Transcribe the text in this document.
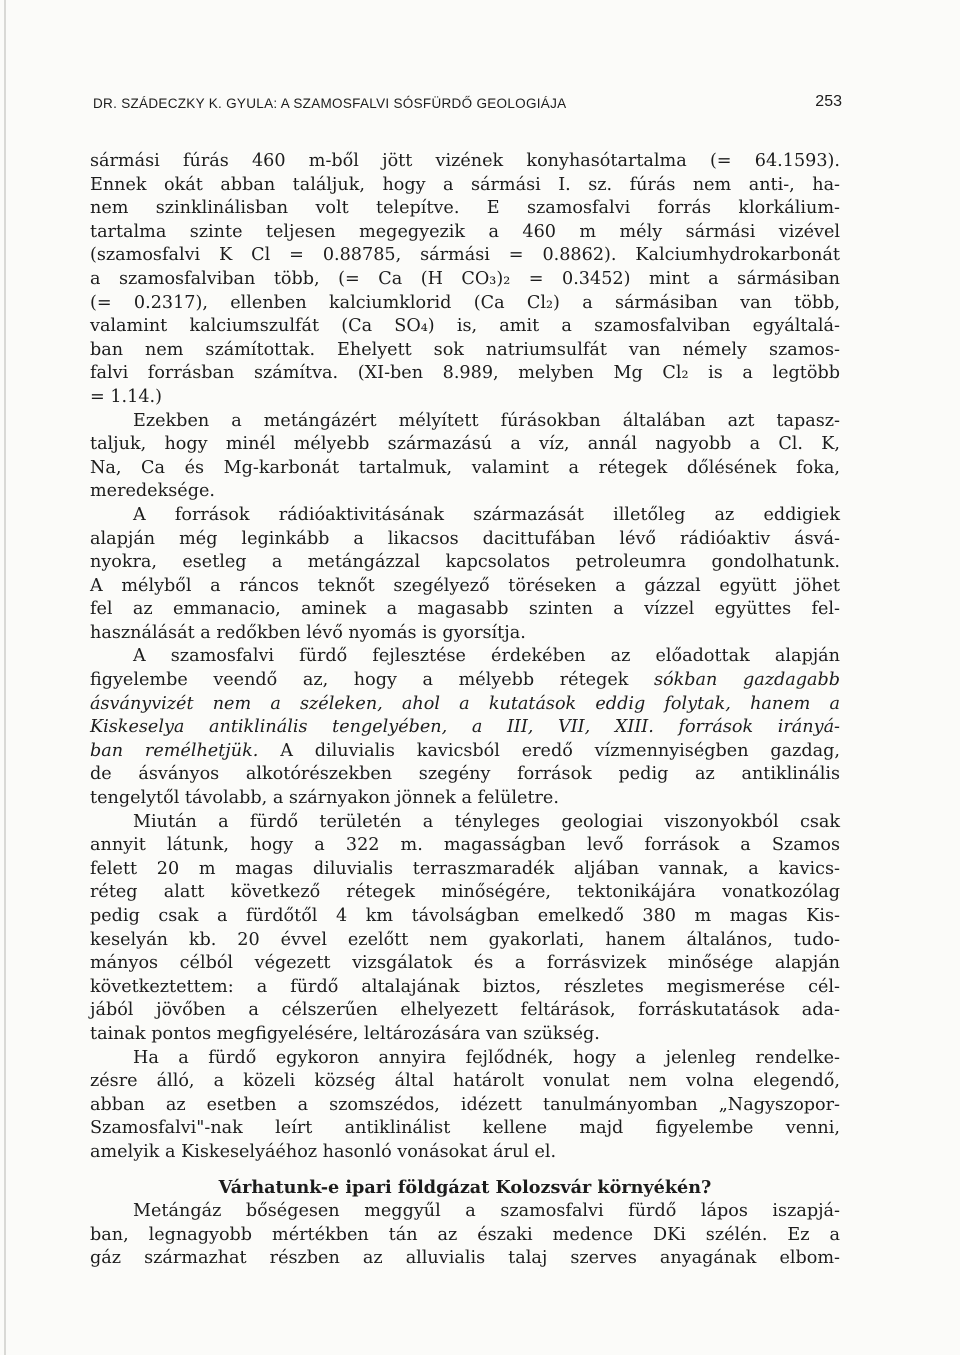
DR. SZÁDECZKY K. GYULA: A SZAMOSFALVI SÓSFÜRDŐ GEOLOGIÁJA	253

sármási fúrás 460 m-ből jött vizének konyhasótartalma (= 64.1593).
Ennek okát abban találjuk, hogy a sármási I. sz. fúrás nem anti-, ha-
nem szinklinálisban volt telepítve. E szamosfalvi forrás klorkálium-
tartalma szinte teljesen megegyezik a 460 m mély sármási vizével
(szamosfalvi K Cl = 0.88785, sármási = 0.8862). Kalciumhydrokarbonát
a szamosfalviban több, (= Ca (H CO₃)₂ = 0.3452) mint a sármásiban
(= 0.2317), ellenben kalciumklorid (Ca Cl₂) a sármásiban van több,
valamint kalciumszulfát (Ca SO₄) is, amit a szamosfalviban egyáltalá-
ban nem számítottak. Ehelyett sok natriumsulfát van némely szamos-
falvi forrásban számítva. (XI-ben 8.989, melyben Mg Cl₂ is a legtöbb
= 1.14.)

Ezekben a metángázért mélyített fúrásokban általában azt tapasz-
taljuk, hogy minél mélyebb származású a víz, annál nagyobb a Cl. K,
Na, Ca és Mg-karbonát tartalmuk, valamint a rétegek dőlésének foka,
meredeksége.

A források rádióaktivitásának származását illetőleg az eddigiek
alapján még leginkább a likacsos dacittufában lévő rádióaktiv ásvá-
nyokra, esetleg a metángázzal kapcsolatos petroleumra gondolhatunk.
A mélyből a ráncos teknőt szegélyező töréseken a gázzal együtt jöhet
fel az emmanacio, aminek a magasabb szinten a vízzel együttes fel-
használását a redőkben lévő nyomás is gyorsítja.

A szamosfalvi fürdő fejlesztése érdekében az előadottak alapján
figyelembe veendő az, hogy a mélyebb rétegek sókban gazdagabb
ásványvizét nem a széleken, ahol a kutatások eddig folytak, hanem a
Kiskeselya antiklinális tengelyében, a III, VII, XIII. források irányá-
ban remélhetjük. A diluvialis kavicsból eredő vízmennyiségben gazdag,
de ásványos alkotórészekben szegény források pedig az antiklinális
tengelytől távolabb, a szárnyakon jönnek a felületre.

Miután a fürdő területén a tényleges geologiai viszonyokból csak
annyit látunk, hogy a 322 m. magasságban levő források a Szamos
felett 20 m magas diluvialis terraszmaradék aljában vannak, a kavics-
réteg alatt következő rétegek minőségére, tektonikájára vonatkozólag
pedig csak a fürdőtől 4 km távolságban emelkedő 380 m magas Kis-
keselyán kb. 20 évvel ezelőtt nem gyakorlati, hanem általános, tudo-
mányos célból végezett vizsgálatok és a forrásvizek minősége alapján
következtettem: a fürdő altalajának biztos, részletes megismerése cél-
jából jövőben a célszerűen elhelyezett feltárások, forráskutatások ada-
tainak pontos megfigyelésére, leltározására van szükség.

Ha a fürdő egykoron annyira fejlődnék, hogy a jelenleg rendelke-
zésre álló, a közeli község által határolt vonulat nem volna elegendő,
abban az esetben a szomszédos, idézett tanulmányomban „Nagyszopor-
Szamosfalvi"-nak leírt antiklinálist kellene majd figyelembe venni,
amelyik a Kiskeselyáéhoz hasonló vonásokat árul el.

Várhatunk-e ipari földgázat Kolozsvár környékén?

Metángáz bőségesen meggyűl a szamosfalvi fürdő lápos iszapjá-
ban, legnagyobb mértékben tán az északi medence DKi szélén. Ez a
gáz származhat részben az alluvialis talaj szerves anyagának elbom-
